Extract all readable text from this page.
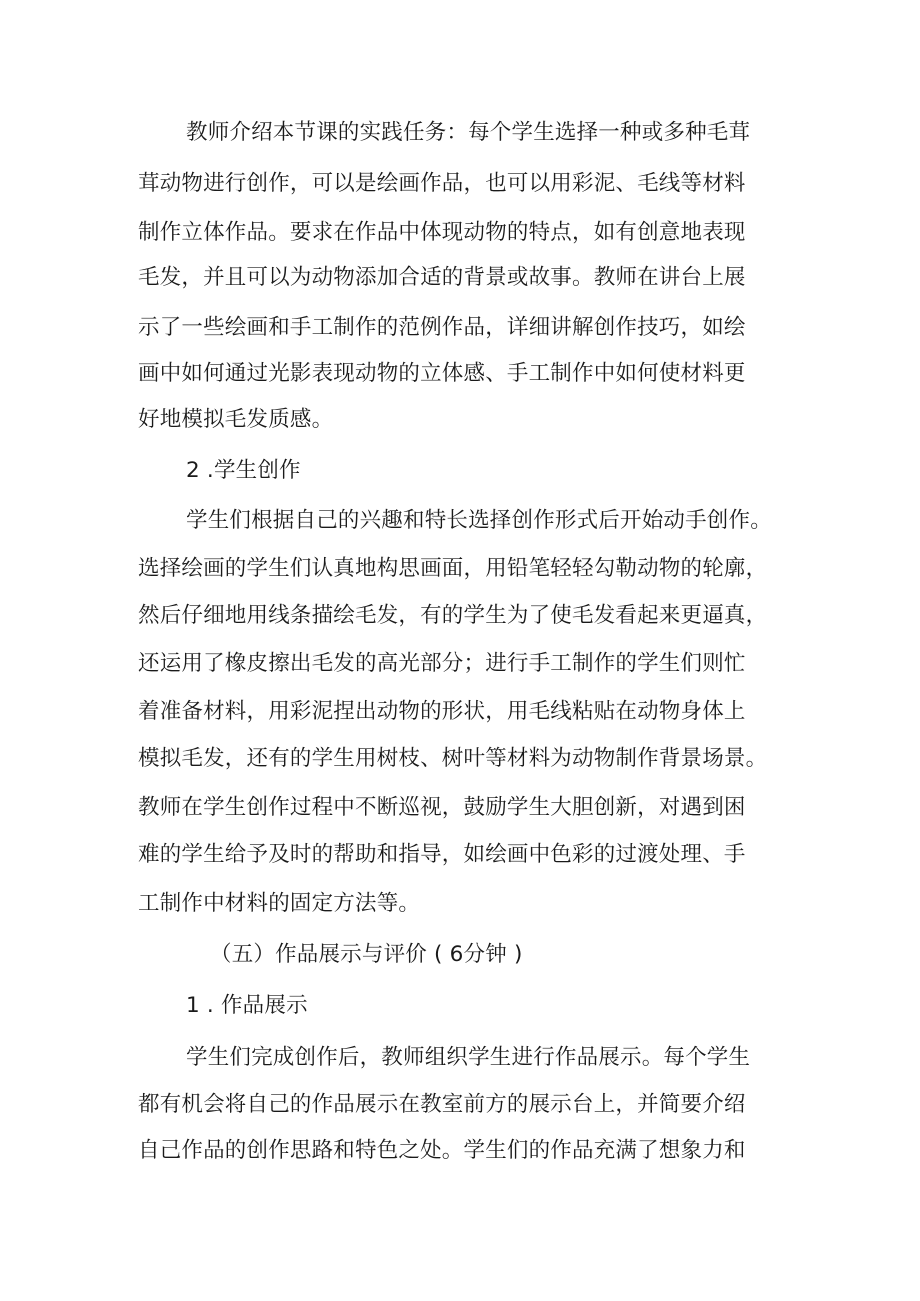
教师介绍本节课的实践任务：每个学生选择一种或多种毛茸
茸动物进行创作，可以是绘画作品，也可以用彩泥、毛线等材料
制作立体作品。要求在作品中体现动物的特点，如有创意地表现
毛发，并且可以为动物添加合适的背景或故事。教师在讲台上展
示了一些绘画和手工制作的范例作品，详细讲解创作技巧，如绘
画中如何通过光影表现动物的立体感、手工制作中如何使材料更
好地模拟毛发质感。
2 .学生创作
学生们根据自己的兴趣和特长选择创作形式后开始动手创作。
选择绘画的学生们认真地构思画面，用铅笔轻轻勾勒动物的轮廓，
然后仔细地用线条描绘毛发，有的学生为了使毛发看起来更逼真，
还运用了橡皮擦出毛发的高光部分；进行手工制作的学生们则忙
着准备材料，用彩泥捏出动物的形状，用毛线粘贴在动物身体上
模拟毛发，还有的学生用树枝、树叶等材料为动物制作背景场景。
教师在学生创作过程中不断巡视，鼓励学生大胆创新，对遇到困
难的学生给予及时的帮助和指导，如绘画中色彩的过渡处理、手
工制作中材料的固定方法等。
（五）作品展示与评价 ( 6分钟 )
1 . 作品展示
学生们完成创作后，教师组织学生进行作品展示。每个学生
都有机会将自己的作品展示在教室前方的展示台上，并简要介绍
自己作品的创作思路和特色之处。学生们的作品充满了想象力和
